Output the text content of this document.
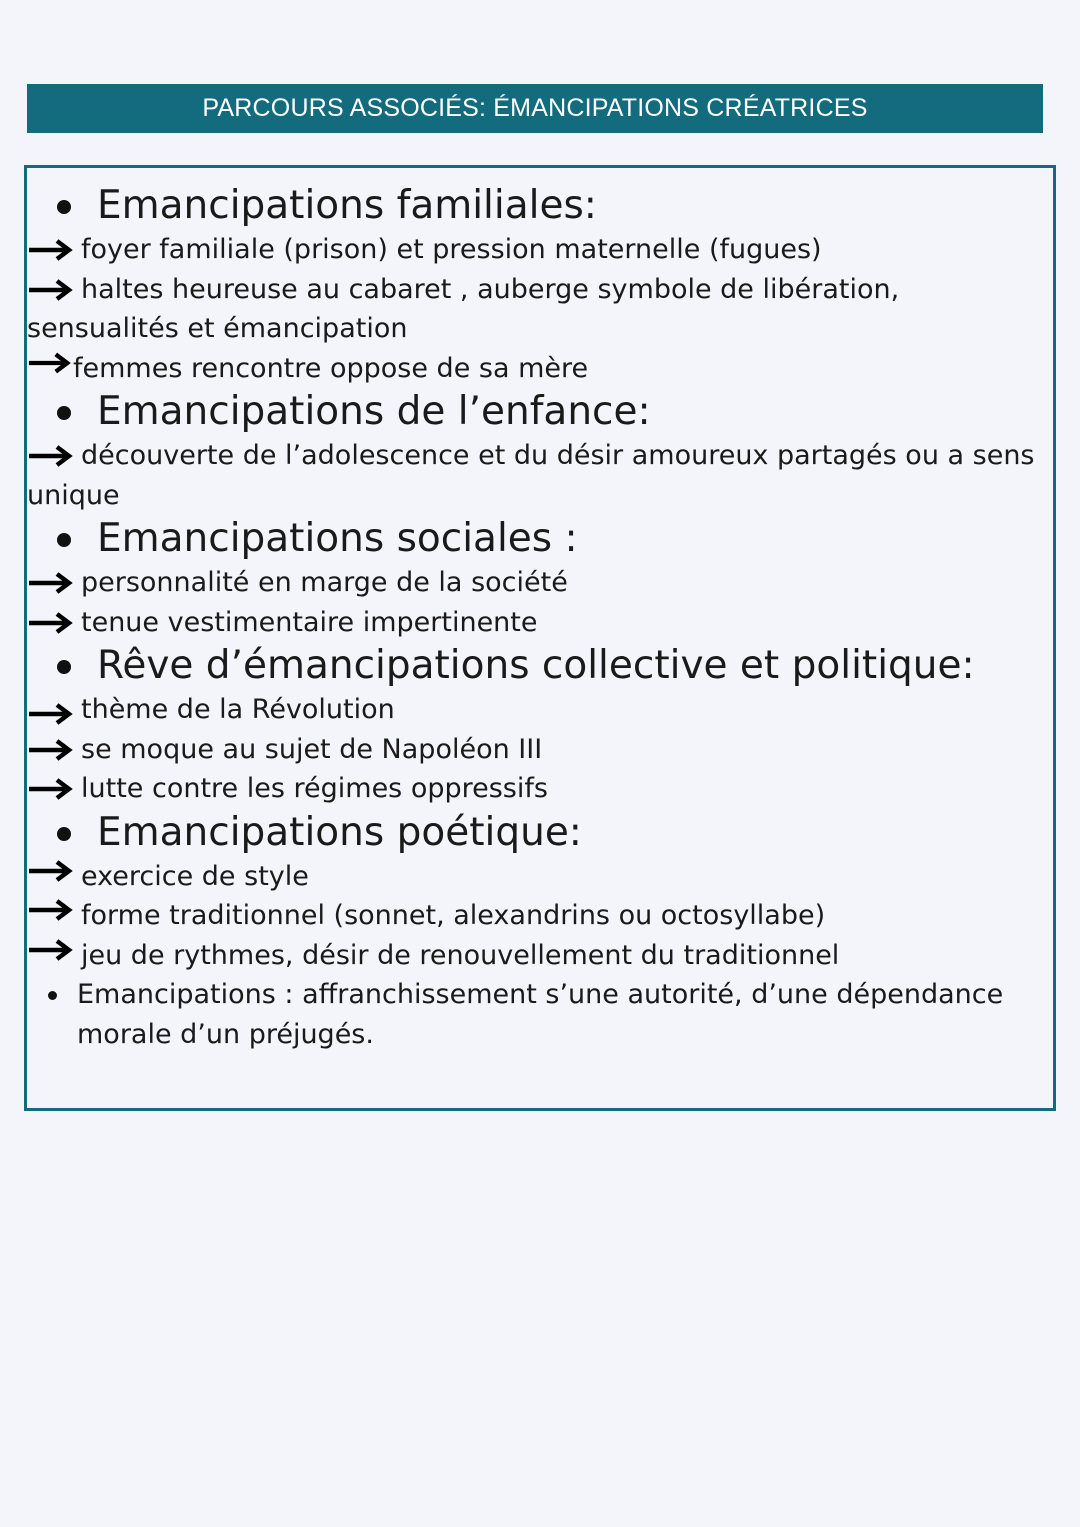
PARCOURS ASSOCIÉS: ÉMANCIPATIONS CRÉATRICES
Emancipations familiales:
foyer familiale (prison) et pression maternelle (fugues)
haltes heureuse au cabaret , auberge symbole de libération, sensualités et émancipation
femmes rencontre oppose de sa mère
Emancipations de l’enfance:
découverte de l’adolescence et du désir amoureux partagés ou a sens unique
Emancipations sociales :
personnalité en marge de la société
tenue vestimentaire impertinente
Rêve d’émancipations collective et politique:
thème de la Révolution
se moque au sujet de Napoléon III
lutte contre les régimes oppressifs
Emancipations poétique:
exercice de style
forme traditionnel (sonnet, alexandrins ou octosyllabe)
jeu de rythmes, désir de renouvellement du traditionnel
Emancipations : affranchissement s’une autorité, d’une dépendance morale d’un préjugés.
